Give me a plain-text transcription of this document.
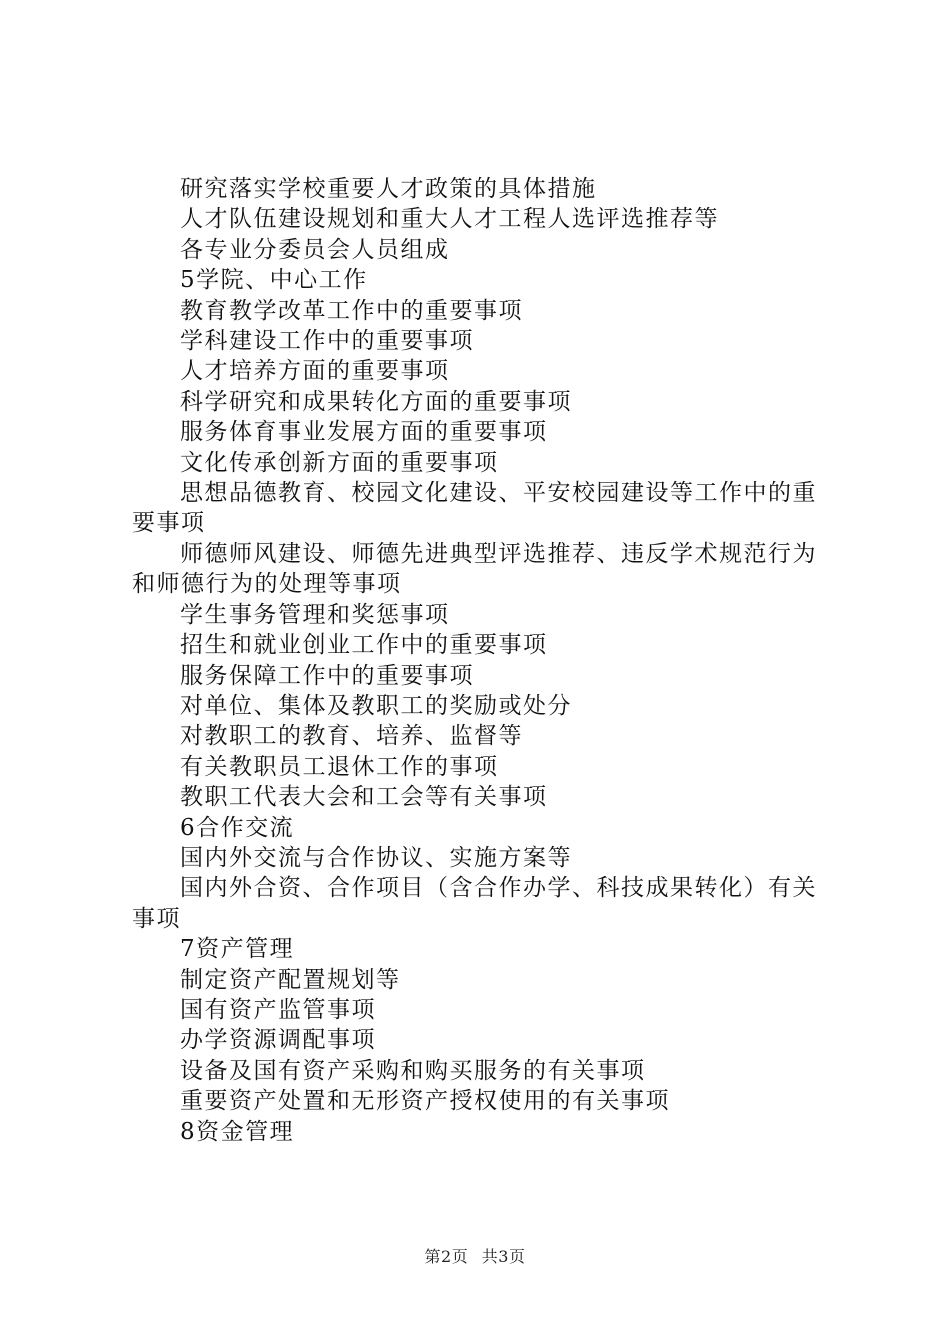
研究落实学校重要人才政策的具体措施

人才队伍建设规划和重大人才工程人选评选推荐等

各专业分委员会人员组成

5学院、中心工作

教育教学改革工作中的重要事项

学科建设工作中的重要事项

人才培养方面的重要事项

科学研究和成果转化方面的重要事项

服务体育事业发展方面的重要事项

文化传承创新方面的重要事项

思想品德教育、校园文化建设、平安校园建设等工作中的重要事项

师德师风建设、师德先进典型评选推荐、违反学术规范行为和师德行为的处理等事项

学生事务管理和奖惩事项

招生和就业创业工作中的重要事项

服务保障工作中的重要事项

对单位、集体及教职工的奖励或处分

对教职工的教育、培养、监督等

有关教职员工退休工作的事项

教职工代表大会和工会等有关事项

6合作交流

国内外交流与合作协议、实施方案等

国内外合资、合作项目（含合作办学、科技成果转化）有关事项

7资产管理

制定资产配置规划等

国有资产监管事项

办学资源调配事项

设备及国有资产采购和购买服务的有关事项

重要资产处置和无形资产授权使用的有关事项

8资金管理

第2页 共3页
